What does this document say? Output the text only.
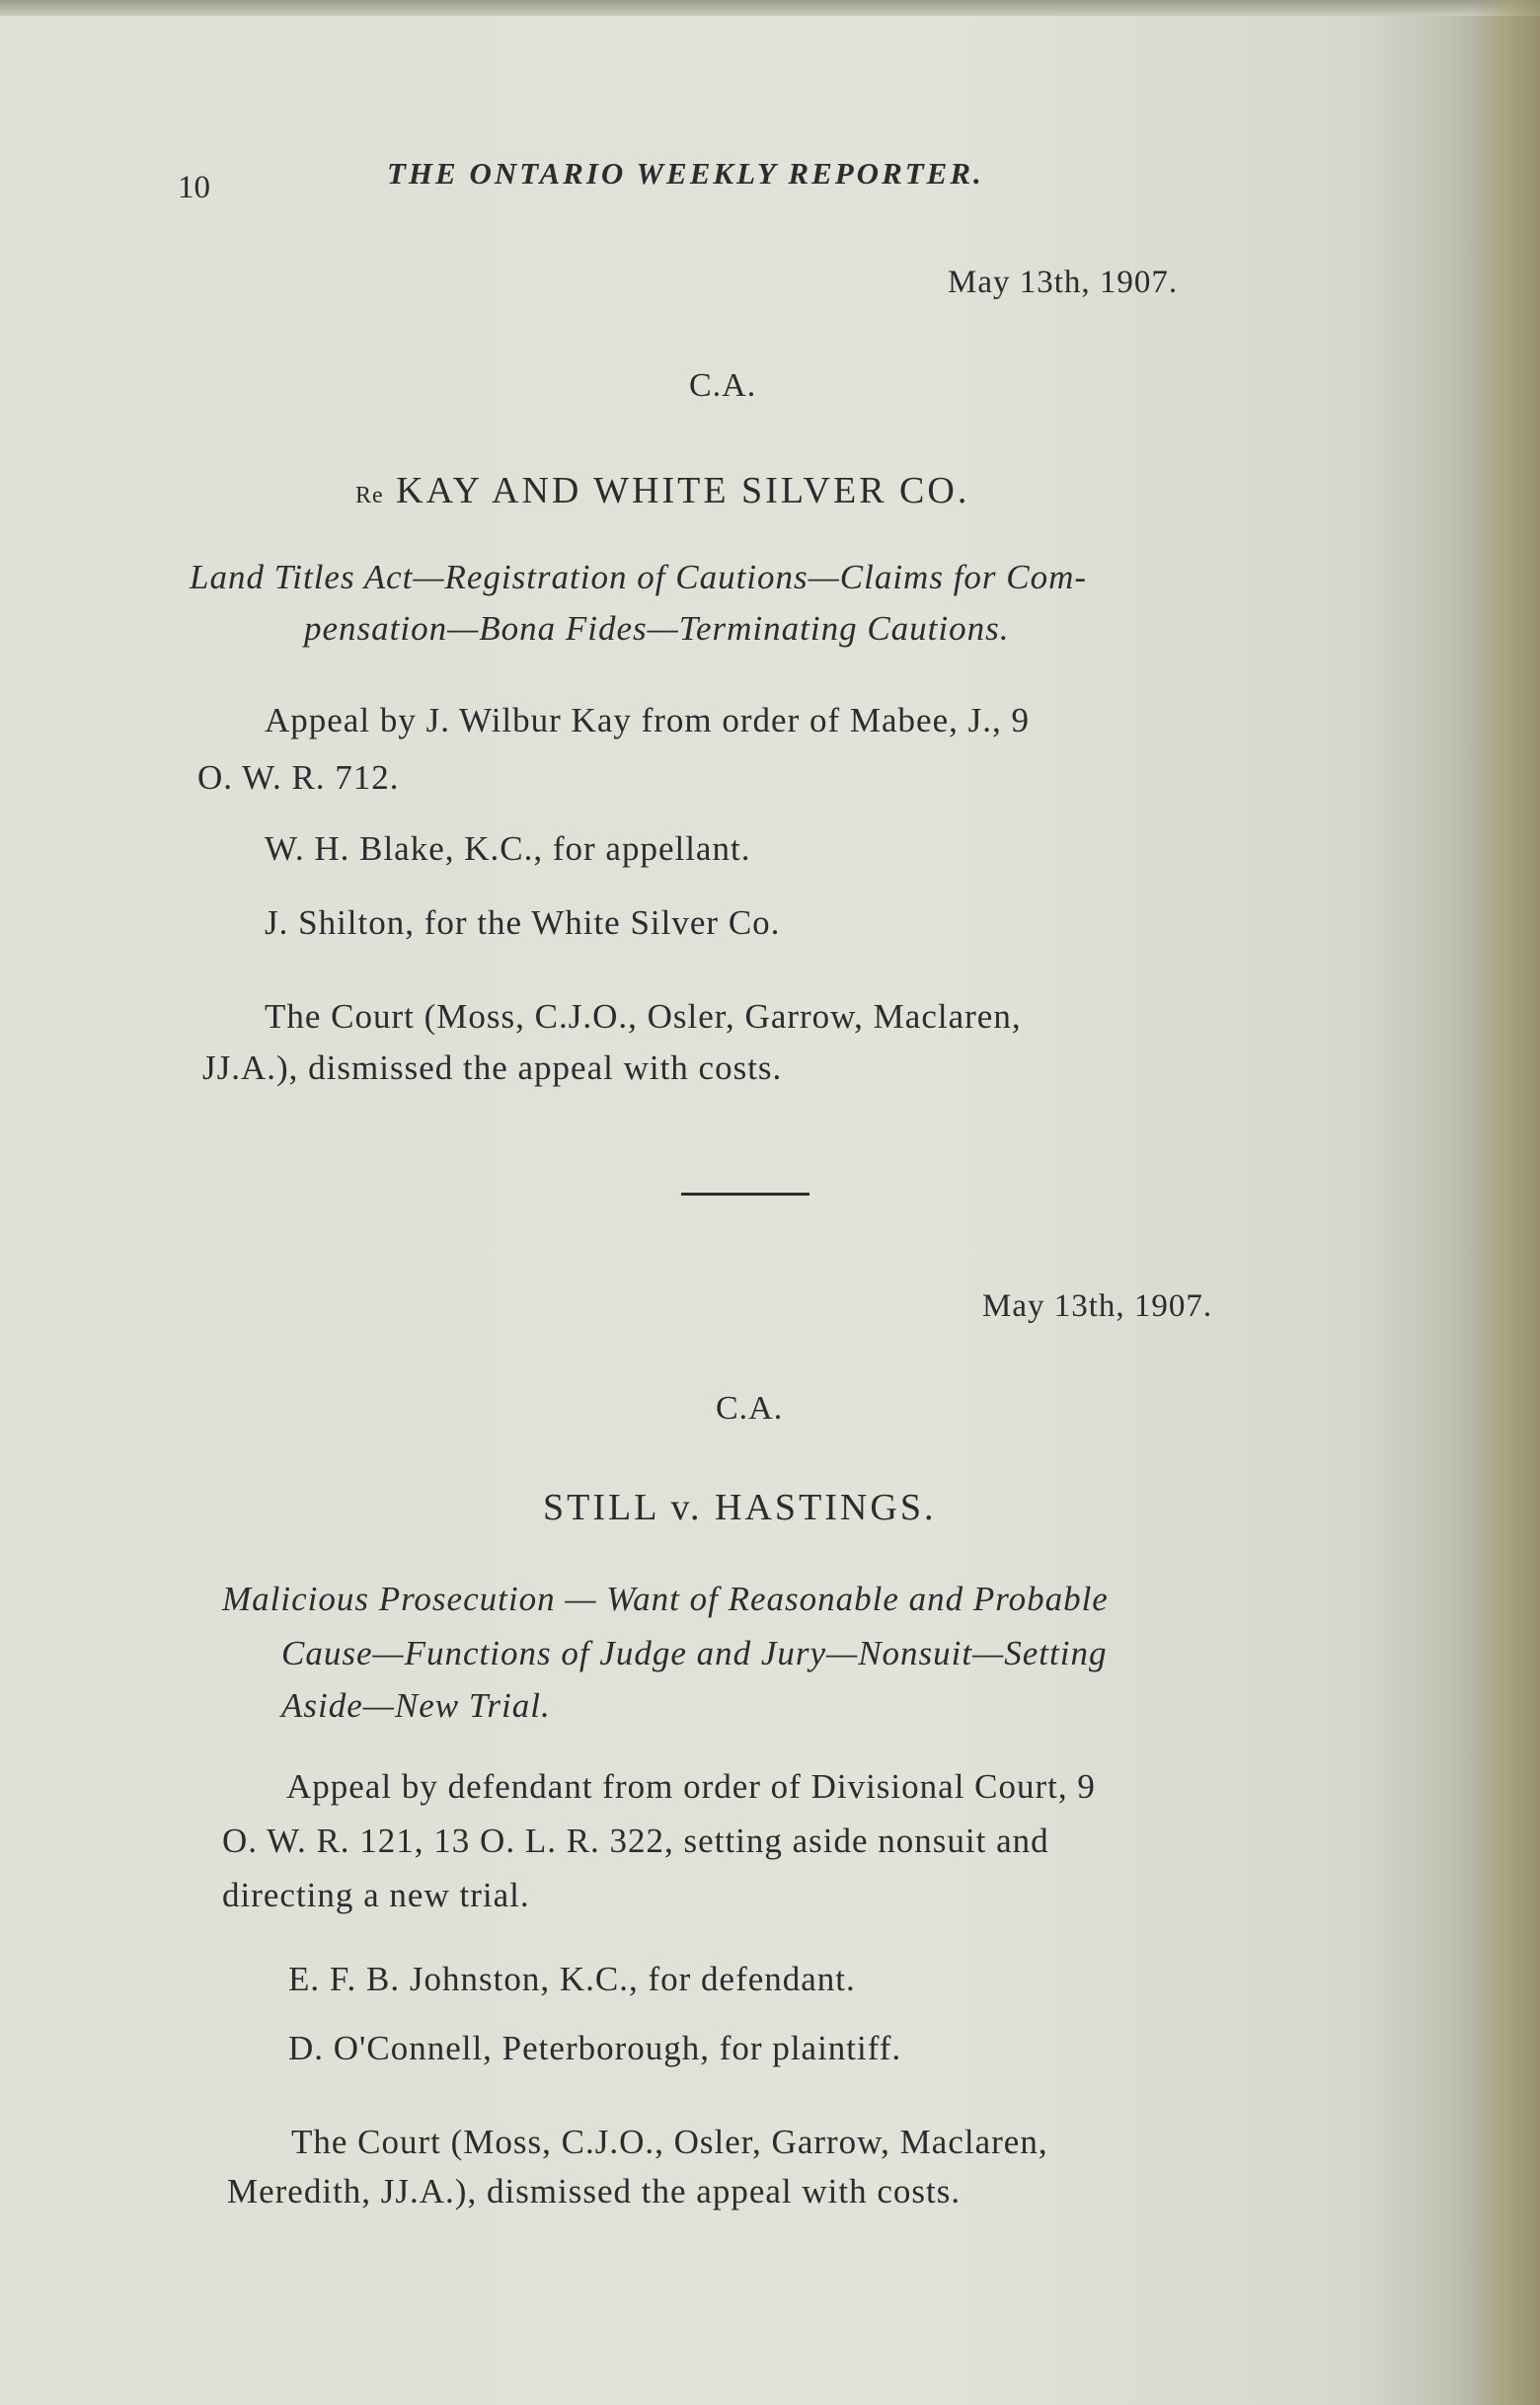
10	THE ONTARIO WEEKLY REPORTER.
May 13th, 1907.
C.A.
Re KAY AND WHITE SILVER CO.
Land Titles Act—Registration of Cautions—Claims for Com-
pensation—Bona Fides—Terminating Cautions.
Appeal by J. Wilbur Kay from order of Mabee, J., 9
O. W. R. 712.
W. H. Blake, K.C., for appellant.
J. Shilton, for the White Silver Co.
The Court (Moss, C.J.O., Osler, Garrow, Maclaren,
JJ.A.), dismissed the appeal with costs.
May 13th, 1907.
C.A.
STILL v. HASTINGS.
Malicious Prosecution — Want of Reasonable and Probable
Cause—Functions of Judge and Jury—Nonsuit—Setting
Aside—New Trial.
Appeal by defendant from order of Divisional Court, 9
O. W. R. 121, 13 O. L. R. 322, setting aside nonsuit and
directing a new trial.
E. F. B. Johnston, K.C., for defendant.
D. O'Connell, Peterborough, for plaintiff.
The Court (Moss, C.J.O., Osler, Garrow, Maclaren,
Meredith, JJ.A.), dismissed the appeal with costs.
